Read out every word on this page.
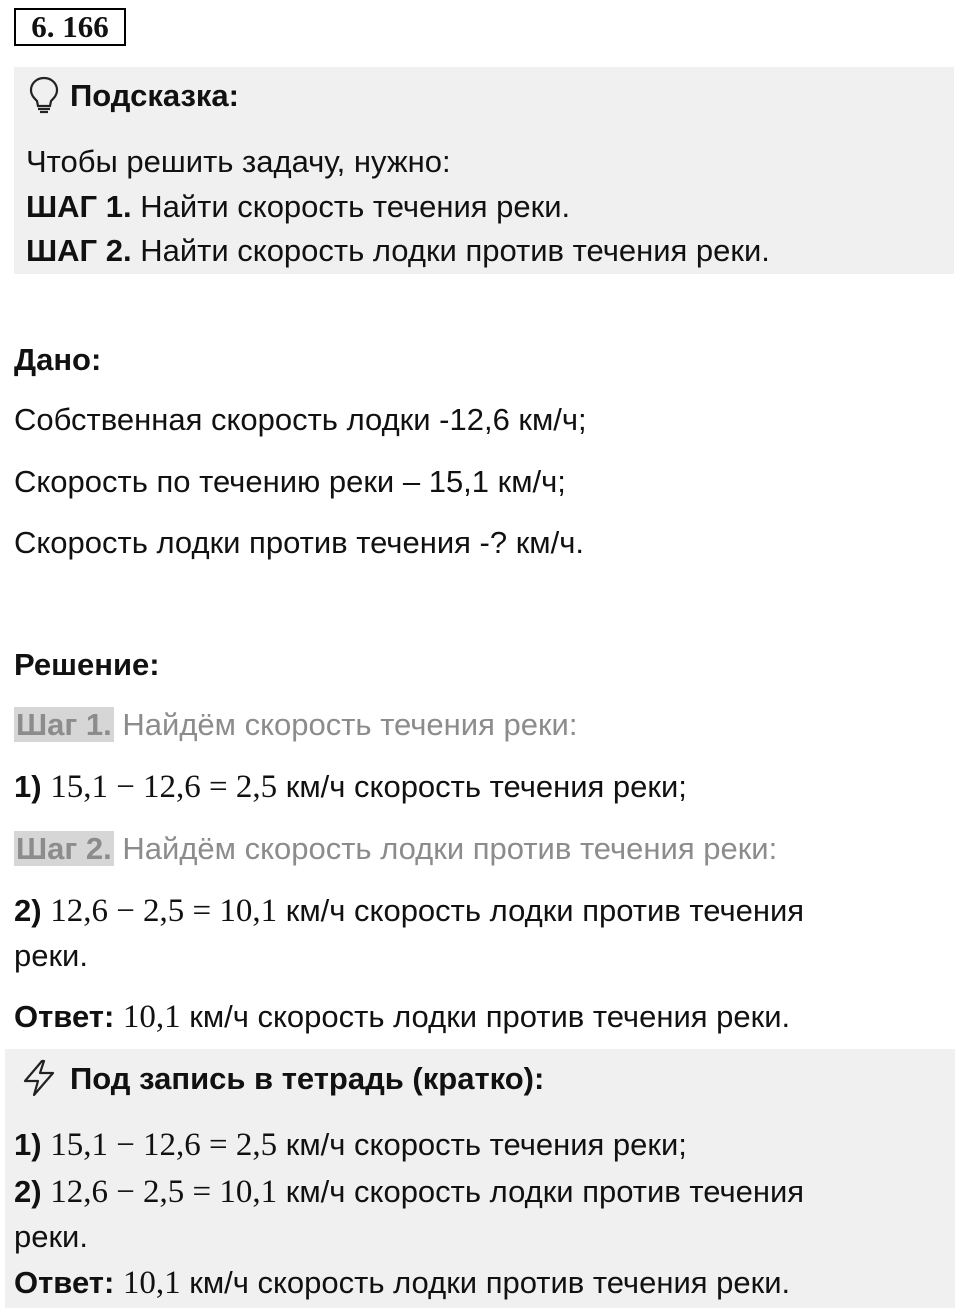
6. 166
Подсказка:
Чтобы решить задачу, нужно:
ШАГ 1. Найти скорость течения реки.
ШАГ 2. Найти скорость лодки против течения реки.
Дано:
Собственная скорость лодки -12,6 км/ч;
Скорость по течению реки – 15,1 км/ч;
Скорость лодки против течения -? км/ч.
Решение:
Шаг 1. Найдём скорость течения реки:
1) 15,1 − 12,6 = 2,5 км/ч скорость течения реки;
Шаг 2. Найдём скорость лодки против течения реки:
2) 12,6 − 2,5 = 10,1 км/ч скорость лодки против течения
реки.
Ответ: 10,1 км/ч скорость лодки против течения реки.
Под запись в тетрадь (кратко):
1) 15,1 − 12,6 = 2,5 км/ч скорость течения реки;
2) 12,6 − 2,5 = 10,1 км/ч скорость лодки против течения
реки.
Ответ: 10,1 км/ч скорость лодки против течения реки.
